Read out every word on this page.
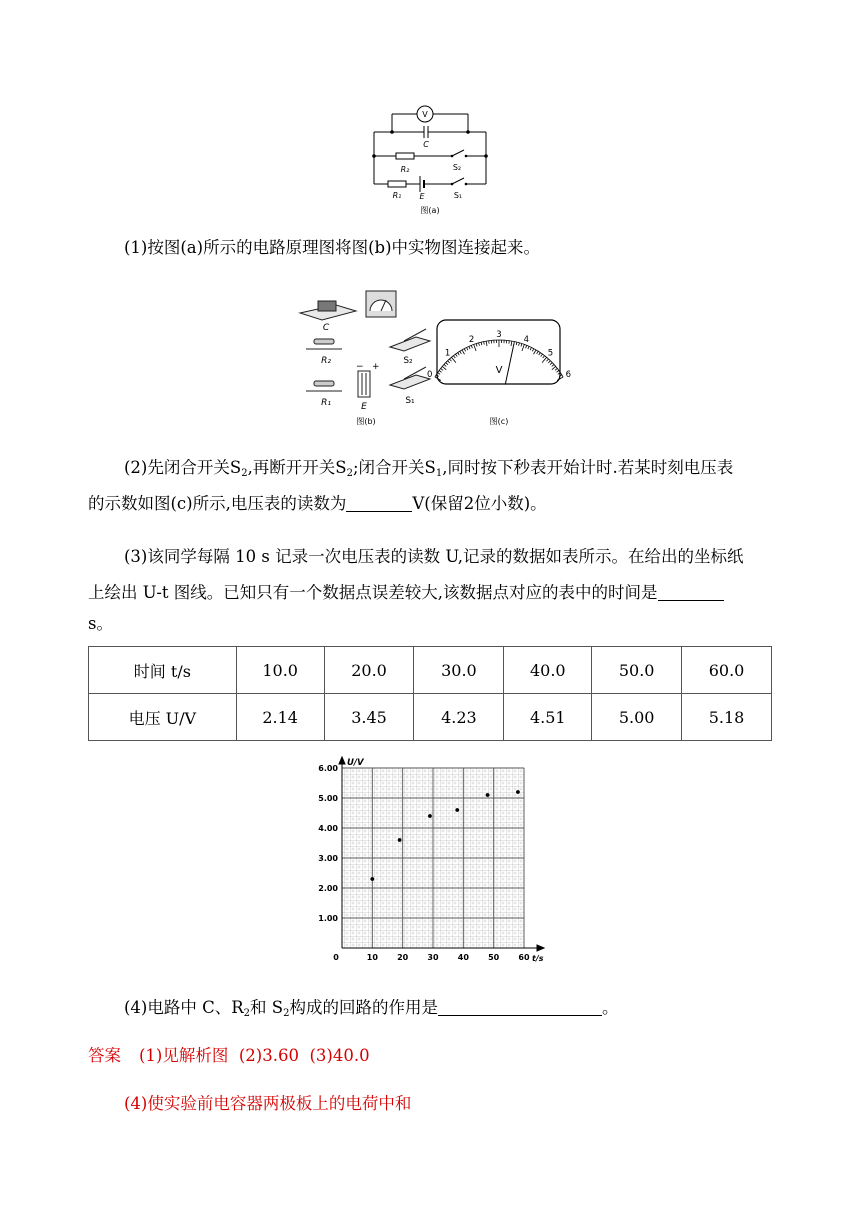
V
C
R₂	S₂
R₁ E	S₁
图(a)
(1)按图(a)所示的电路原理图将图(b)中实物图连接起来。
+
−
C
R₂	S₂
R₁	E
S₁
图(b)
0
1
2	3	4
5
6
V
图(c)
(2)先闭合开关$S_2$,再断开开关$S_2$;闭合开关$S_1$,同时按下秒表开始计时.若某时刻电压表
的示数如图(c)所示,电压表的读数为	V(保留2位小数)。
(3)该同学每隔 10 s 记录一次电压表的读数 U,记录的数据如表所示。在给出的坐标纸
上绘出 U-t 图线。已知只有一个数据点误差较大,该数据点对应的表中的时间是
s。
时间 t/s	10.0	20.0	30.0	40.0	50.0	60.0
电压 U/V	2.14	3.45	4.23	4.51	5.00	5.18
0	10 20 30 40 50 60
1.00
2.00
3.00
4.00
5.00
6.00
U/V
t/s
(4)电路中 C、$R_2$和 $S_2$构成的回路的作用是	。
答案 (1)见解析图  (2)3.60  (3)40.0
(4)使实验前电容器两极板上的电荷中和
